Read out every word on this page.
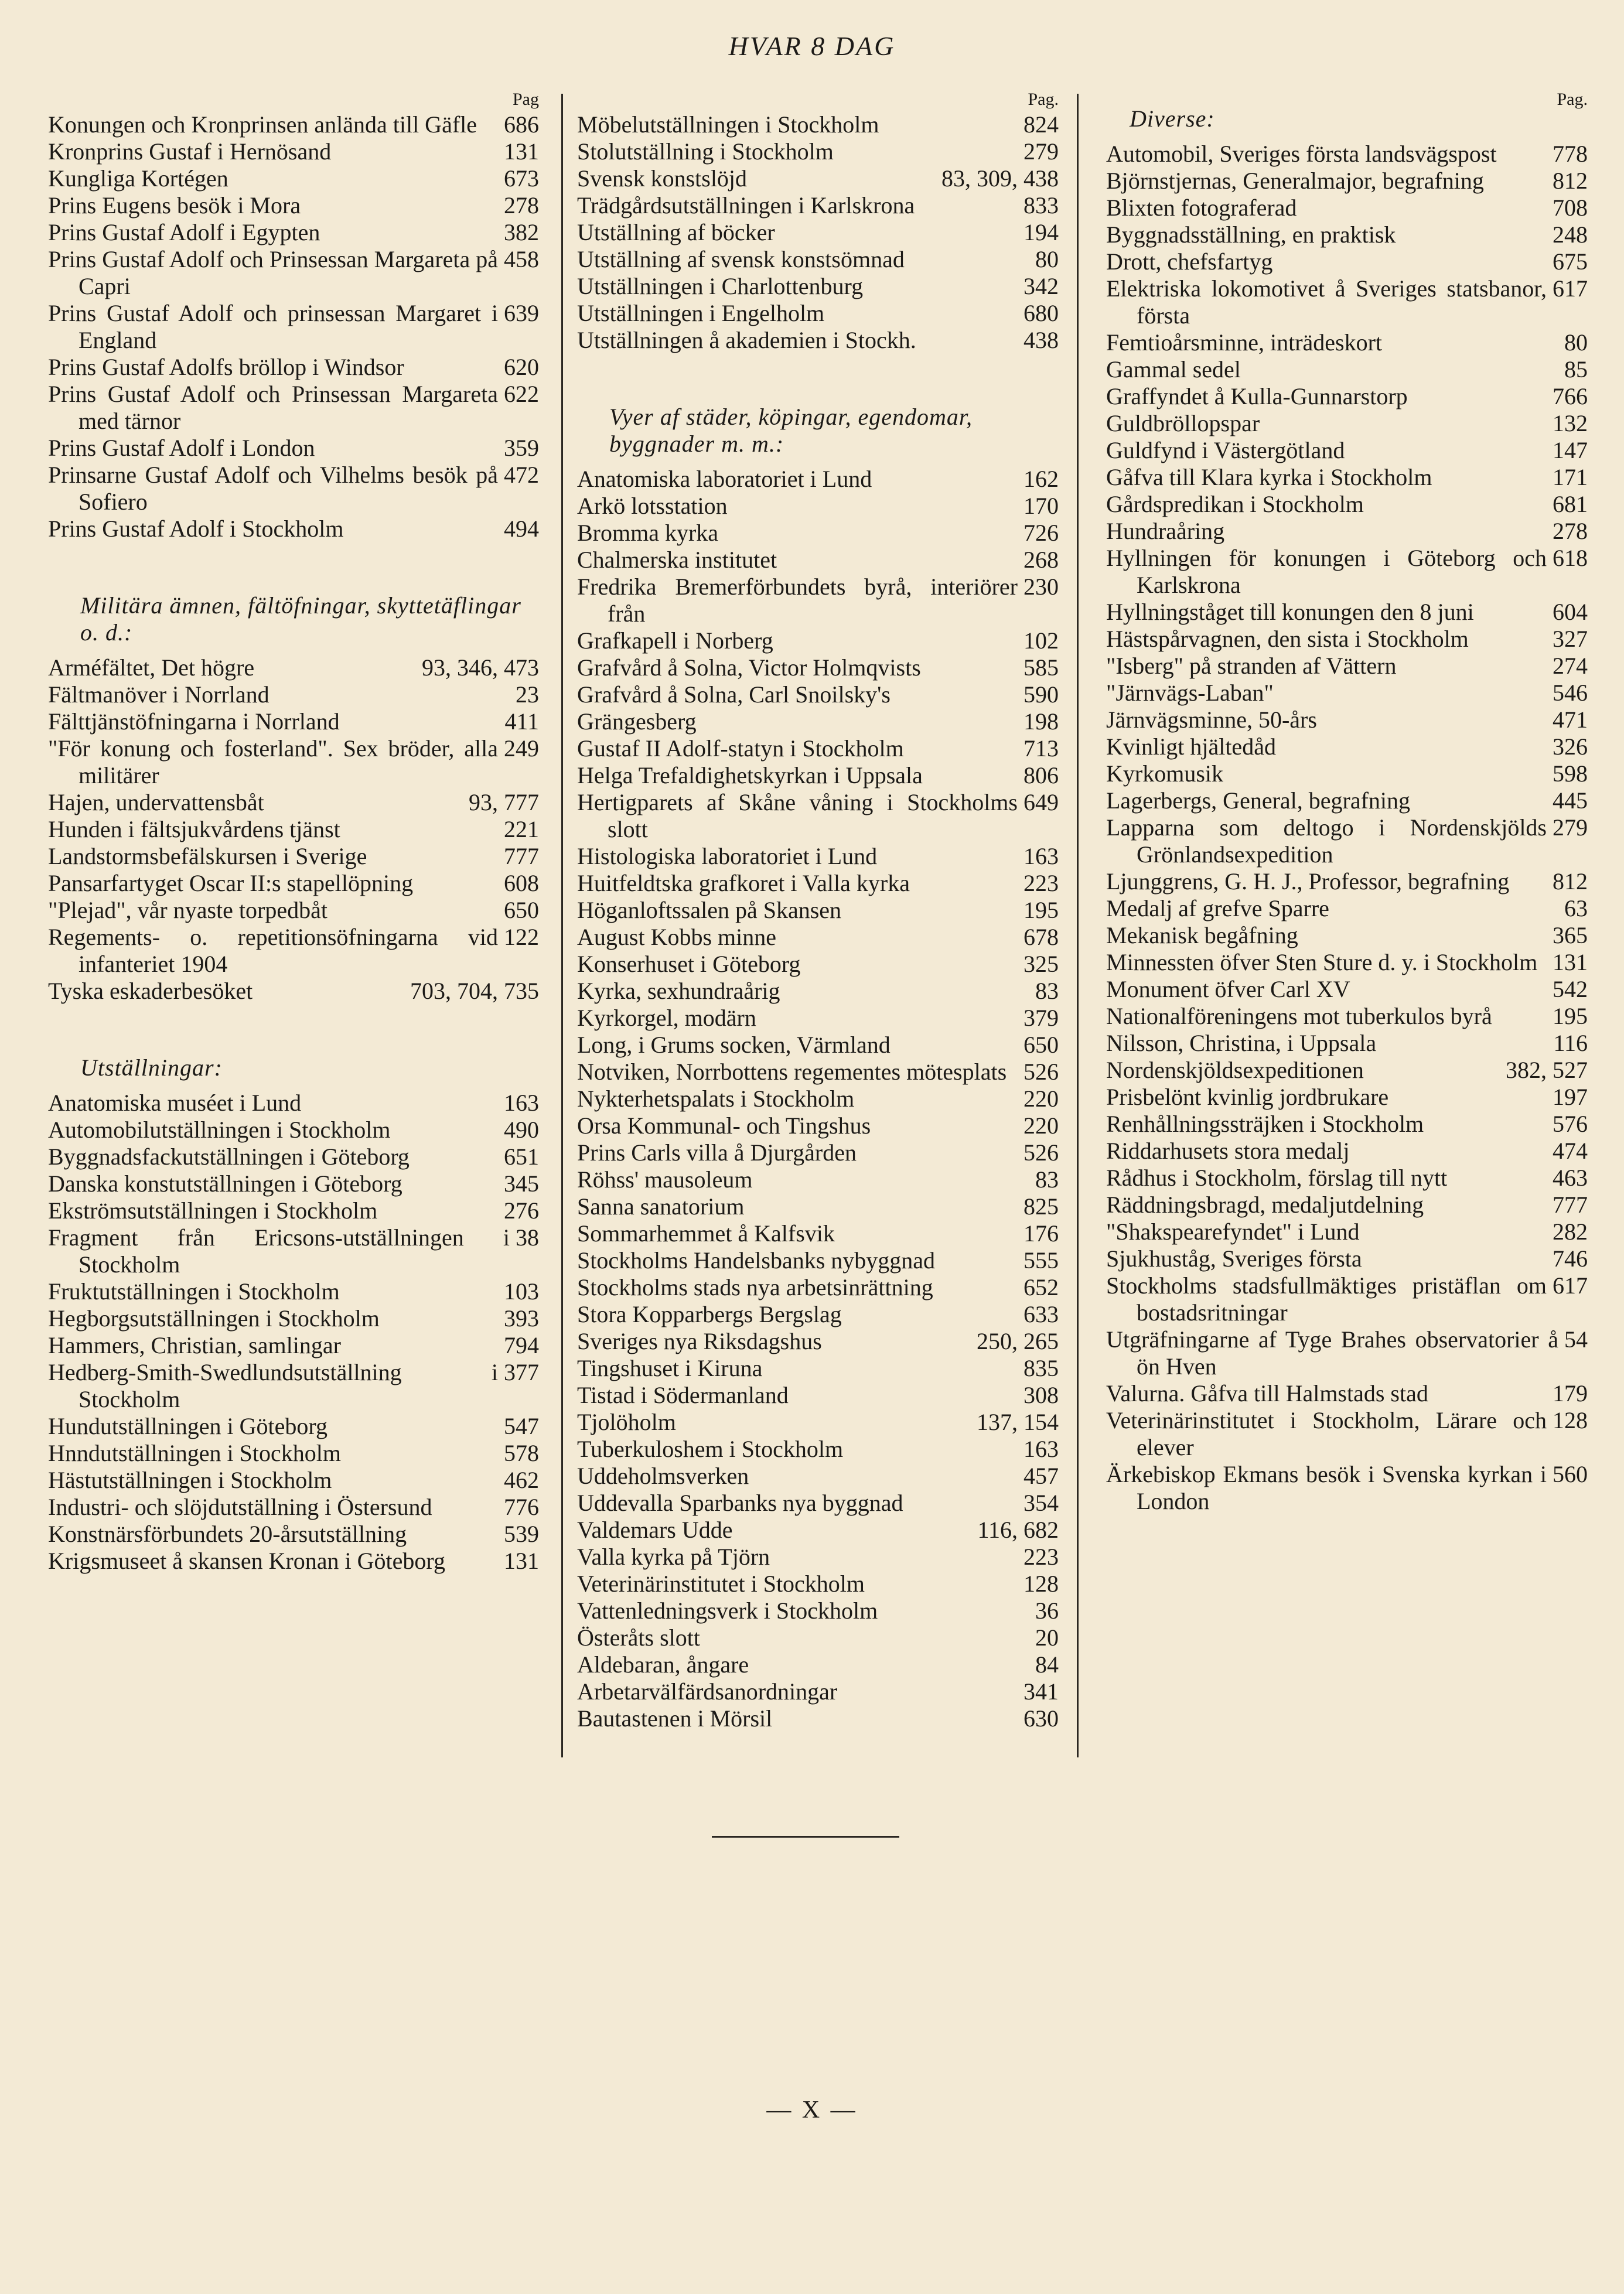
HVAR 8 DAG
Pag
686
Konungen och Kronprinsen anlända till Gäfle
131
Kronprins Gustaf i Hernösand
673
Kungliga Kortégen
278
Prins Eugens besök i Mora
382
Prins Gustaf Adolf i Egypten
458
Prins Gustaf Adolf och Prinsessan Margareta på Capri
639
Prins Gustaf Adolf och prinsessan Margaret i England
620
Prins Gustaf Adolfs bröllop i Windsor
622
Prins Gustaf Adolf och Prinsessan Margareta med tärnor
359
Prins Gustaf Adolf i London
472
Prinsarne Gustaf Adolf och Vilhelms besök på Sofiero
494
Prins Gustaf Adolf i Stockholm
Militära ämnen, fältöfningar, skyttetäflingar o. d.:
93, 346, 473
Arméfältet, Det högre
23
Fältmanöver i Norrland
411
Fälttjänstöfningarna i Norrland
249
"För konung och fosterland". Sex bröder, alla militärer
93, 777
Hajen, undervattensbåt
221
Hunden i fältsjukvårdens tjänst
777
Landstormsbefälskursen i Sverige
608
Pansarfartyget Oscar II:s stapellöpning
650
"Plejad", vår nyaste torpedbåt
122
Regements- o. repetitionsöfningarna vid infanteriet 1904
703, 704, 735
Tyska eskaderbesöket
Utställningar:
163
Anatomiska muséet i Lund
490
Automobilutställningen i Stockholm
651
Byggnadsfackutställningen i Göteborg
345
Danska konstutställningen i Göteborg
276
Ekströmsutställningen i Stockholm
38
Fragment från Ericsons-utställningen i Stockholm
103
Fruktutställningen i Stockholm
393
Hegborgsutställningen i Stockholm
794
Hammers, Christian, samlingar
377
Hedberg-Smith-Swedlundsutställning i Stockholm
547
Hundutställningen i Göteborg
578
Hnndutställningen i Stockholm
462
Hästutställningen i Stockholm
776
Industri- och slöjdutställning i Östersund
539
Konstnärsförbundets 20-årsutställning
131
Krigsmuseet å skansen Kronan i Göteborg
Pag.
824
Möbelutställningen i Stockholm
279
Stolutställning i Stockholm
83, 309, 438
Svensk konstslöjd
833
Trädgårdsutställningen i Karlskrona
194
Utställning af böcker
80
Utställning af svensk konstsömnad
342
Utställningen i Charlottenburg
680
Utställningen i Engelholm
438
Utställningen å akademien i Stockh.
Vyer af städer, köpingar, egendomar, byggnader m. m.:
162
Anatomiska laboratoriet i Lund
170
Arkö lotsstation
726
Bromma kyrka
268
Chalmerska institutet
230
Fredrika Bremerförbundets byrå, interiörer från
102
Grafkapell i Norberg
585
Grafvård å Solna, Victor Holmqvists
590
Grafvård å Solna, Carl Snoilsky's
198
Grängesberg
713
Gustaf II Adolf-statyn i Stockholm
806
Helga Trefaldighetskyrkan i Uppsala
649
Hertigparets af Skåne våning i Stockholms slott
163
Histologiska laboratoriet i Lund
223
Huitfeldtska grafkoret i Valla kyrka
195
Höganloftssalen på Skansen
678
August Kobbs minne
325
Konserhuset i Göteborg
83
Kyrka, sexhundraårig
379
Kyrkorgel, modärn
650
Long, i Grums socken, Värmland
526
Notviken, Norrbottens regementes mötesplats
220
Nykterhetspalats i Stockholm
220
Orsa Kommunal- och Tingshus
526
Prins Carls villa å Djurgården
83
Röhss' mausoleum
825
Sanna sanatorium
176
Sommarhemmet å Kalfsvik
555
Stockholms Handelsbanks nybyggnad
652
Stockholms stads nya arbetsinrättning
633
Stora Kopparbergs Bergslag
250, 265
Sveriges nya Riksdagshus
835
Tingshuset i Kiruna
308
Tistad i Södermanland
137, 154
Tjolöholm
163
Tuberkuloshem i Stockholm
457
Uddeholmsverken
354
Uddevalla Sparbanks nya byggnad
116, 682
Valdemars Udde
223
Valla kyrka på Tjörn
128
Veterinärinstitutet i Stockholm
36
Vattenledningsverk i Stockholm
20
Österåts slott
84
Aldebaran, ångare
341
Arbetarvälfärdsanordningar
630
Bautastenen i Mörsil
Diverse:
Pag.
778
Automobil, Sveriges första landsvägspost
812
Björnstjernas, Generalmajor, begrafning
708
Blixten fotograferad
248
Byggnadsställning, en praktisk
675
Drott, chefsfartyg
617
Elektriska lokomotivet å Sveriges statsbanor, första
80
Femtioårsminne, inträdeskort
85
Gammal sedel
766
Graffyndet å Kulla-Gunnarstorp
132
Guldbröllopspar
147
Guldfynd i Västergötland
171
Gåfva till Klara kyrka i Stockholm
681
Gårdspredikan i Stockholm
278
Hundraåring
618
Hyllningen för konungen i Göteborg och Karlskrona
604
Hyllningståget till konungen den 8 juni
327
Hästspårvagnen, den sista i Stockholm
274
"Isberg" på stranden af Vättern
546
"Järnvägs-Laban"
471
Järnvägsminne, 50-års
326
Kvinligt hjältedåd
598
Kyrkomusik
445
Lagerbergs, General, begrafning
279
Lapparna som deltogo i Nordenskjölds Grönlandsexpedition
812
Ljunggrens, G. H. J., Professor, begrafning
63
Medalj af grefve Sparre
365
Mekanisk begåfning
131
Minnessten öfver Sten Sture d. y. i Stockholm
542
Monument öfver Carl XV
195
Nationalföreningens mot tuberkulos byrå
116
Nilsson, Christina, i Uppsala
382, 527
Nordenskjöldsexpeditionen
197
Prisbelönt kvinlig jordbrukare
576
Renhållningssträjken i Stockholm
474
Riddarhusets stora medalj
463
Rådhus i Stockholm, förslag till nytt
777
Räddningsbragd, medaljutdelning
282
"Shakspearefyndet" i Lund
746
Sjukhuståg, Sveriges första
617
Stockholms stadsfullmäktiges pristäflan om bostadsritningar
54
Utgräfningarne af Tyge Brahes observatorier å ön Hven
179
Valurna. Gåfva till Halmstads stad
128
Veterinärinstitutet i Stockholm, Lärare och elever
560
Ärkebiskop Ekmans besök i Svenska kyrkan i London
— X —
